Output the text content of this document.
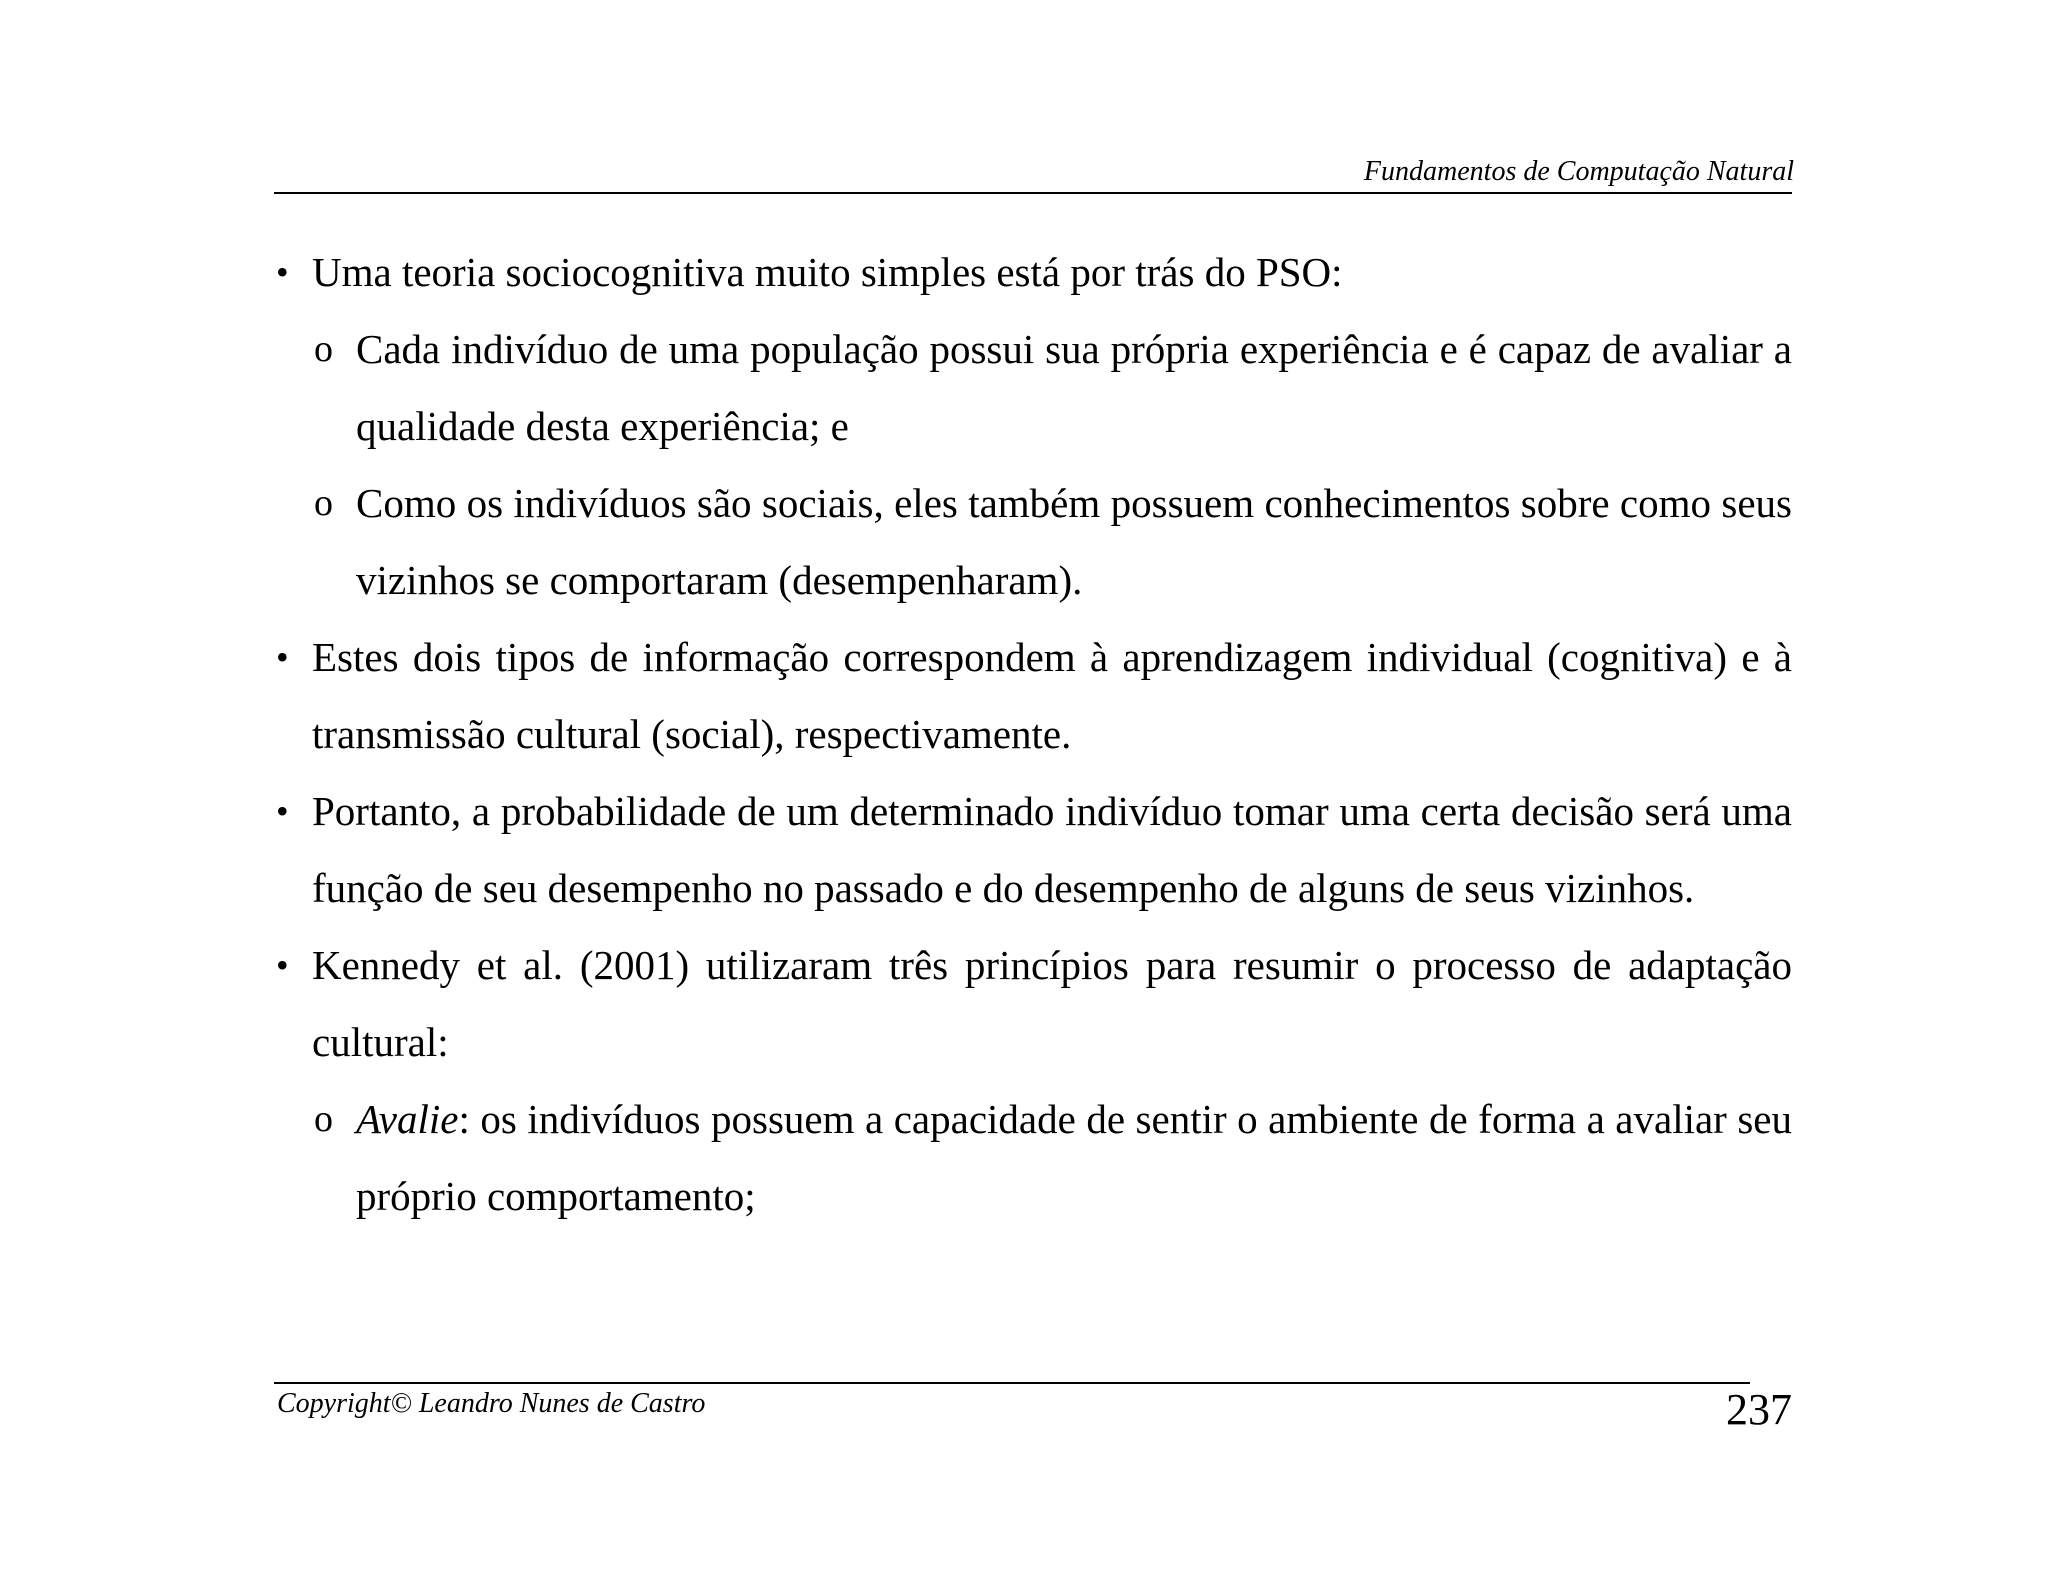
Fundamentos de Computação Natural

• Uma teoria sociocognitiva muito simples está por trás do PSO:

o Cada indivíduo de uma população possui sua própria experiência e é capaz de avaliar a qualidade desta experiência; e

o Como os indivíduos são sociais, eles também possuem conhecimentos sobre como seus vizinhos se comportaram (desempenharam).

• Estes dois tipos de informação correspondem à aprendizagem individual (cognitiva) e à transmissão cultural (social), respectivamente.

• Portanto, a probabilidade de um determinado indivíduo tomar uma certa decisão será uma função de seu desempenho no passado e do desempenho de alguns de seus vizinhos.

• Kennedy et al. (2001) utilizaram três princípios para resumir o processo de adaptação cultural:

o Avalie: os indivíduos possuem a capacidade de sentir o ambiente de forma a avaliar seu próprio comportamento;

Copyright© Leandro Nunes de Castro	237
